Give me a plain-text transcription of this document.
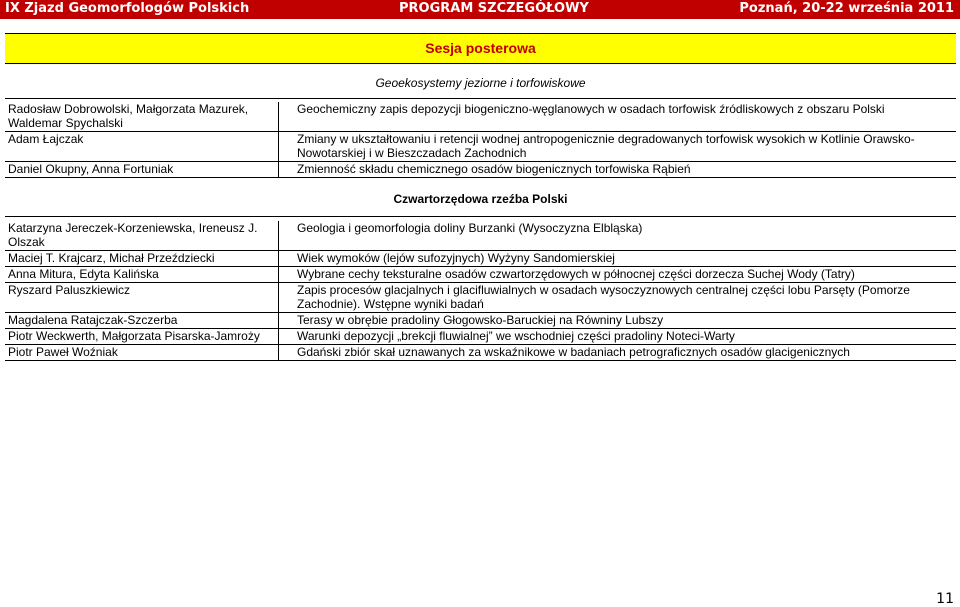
IX Zjazd Geomorfologów Polskich	PROGRAM SZCZEGÓŁOWY	Poznań, 20-22 września 2011
Sesja posterowa
Geoekosystemy jeziorne i torfowiskowe
Radosław Dobrowolski, Małgorzata Mazurek, Waldemar Spychalski	Geochemiczny zapis depozycji biogeniczno-węglanowych w osadach torfowisk źródliskowych z obszaru Polski
Adam Łajczak	Zmiany w ukształtowaniu i retencji wodnej antropogenicznie degradowanych torfowisk wysokich w Kotlinie Orawsko-Nowotarskiej i w Bieszczadach Zachodnich
Daniel Okupny, Anna Fortuniak	Zmienność składu chemicznego osadów biogenicznych torfowiska Rąbień
Czwartorzędowa rzeźba Polski
Katarzyna Jereczek-Korzeniewska, Ireneusz J. Olszak	Geologia i geomorfologia doliny Burzanki (Wysoczyzna Elbląska)
Maciej T. Krajcarz, Michał Przeździecki	Wiek wymoków (lejów sufozyjnych) Wyżyny Sandomierskiej
Anna Mitura, Edyta Kalińska	Wybrane cechy teksturalne osadów czwartorzędowych w północnej części dorzecza Suchej Wody (Tatry)
Ryszard Paluszkiewicz	Zapis procesów glacjalnych i glacifluwialnych w osadach wysoczyznowych centralnej części lobu Parsęty (Pomorze Zachodnie). Wstępne wyniki badań
Magdalena Ratajczak-Szczerba	Terasy w obrębie pradoliny Głogowsko-Baruckiej na Równiny Lubszy
Piotr Weckwerth, Małgorzata Pisarska-Jamroży	Warunki depozycji „brekcji fluwialnej” we wschodniej części pradoliny Noteci-Warty
Piotr Paweł Woźniak	Gdański zbiór skał uznawanych za wskaźnikowe w badaniach petrograficznych osadów glacigenicznych
11
